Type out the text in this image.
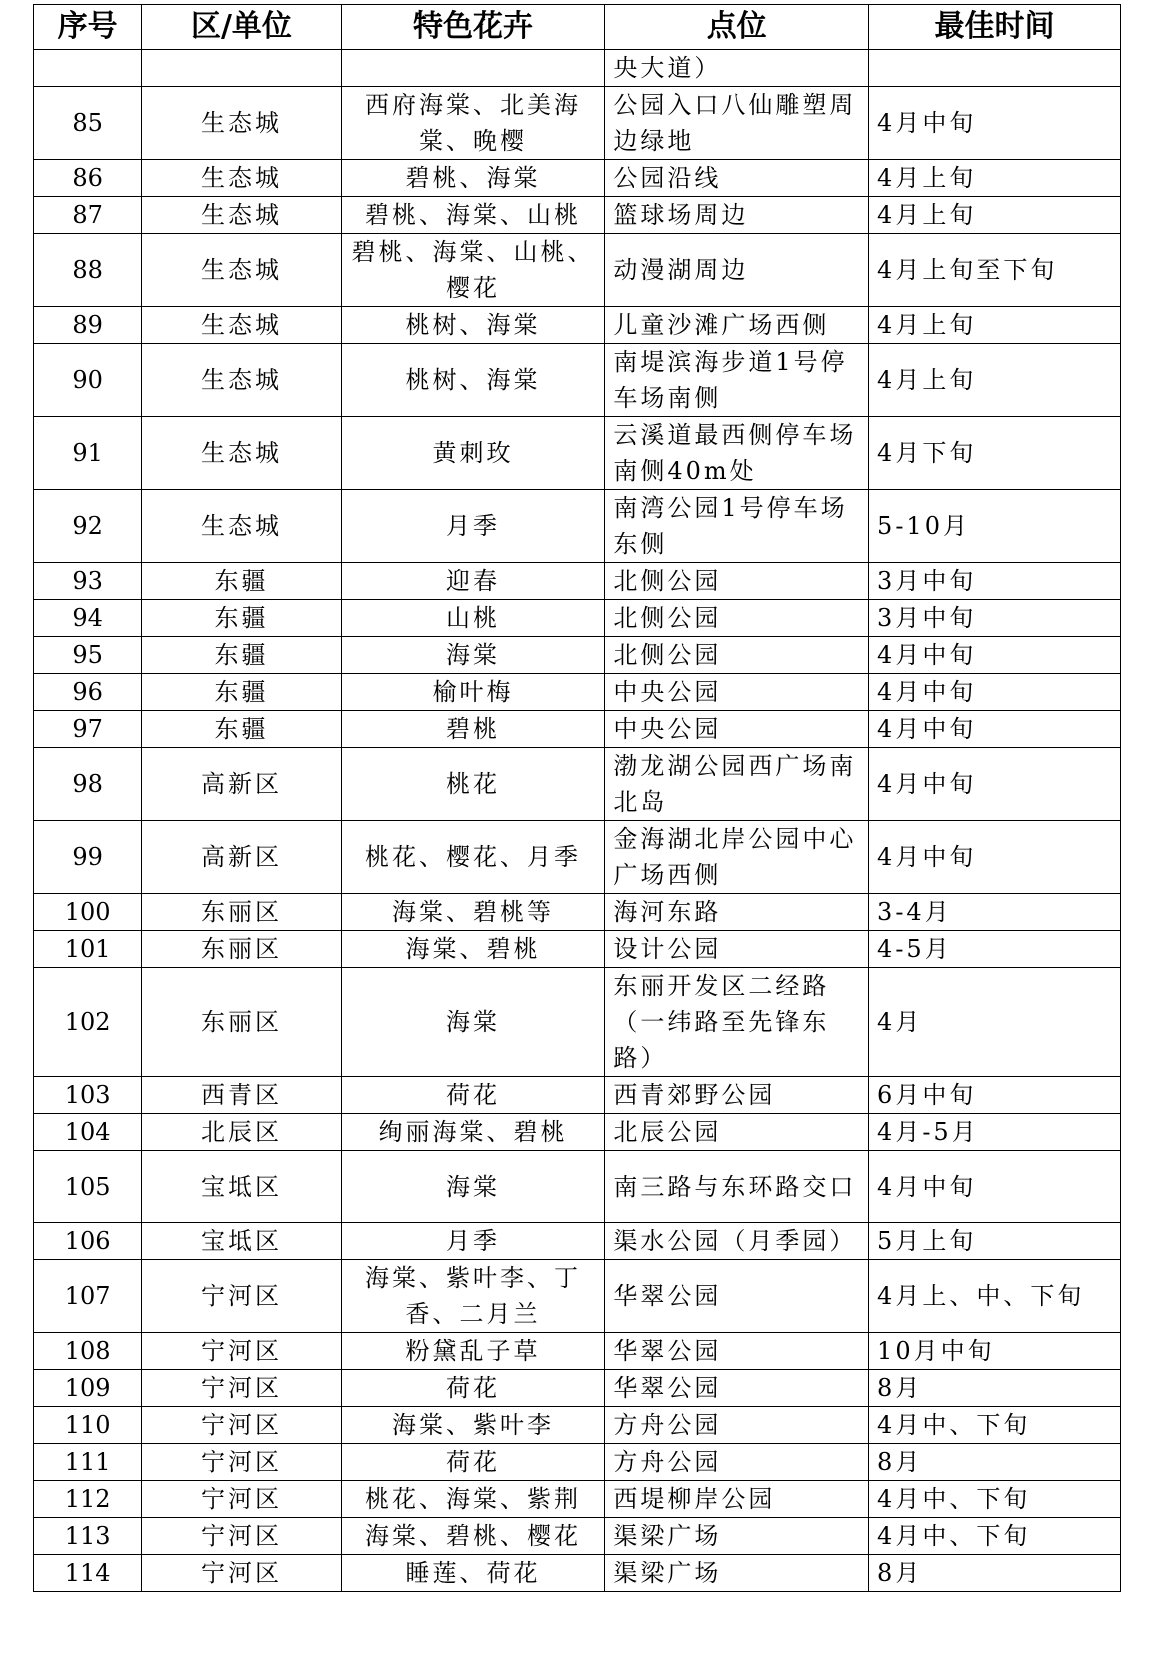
序号	区/单位	特色花卉	点位	最佳时间
			央大道）	
85	生态城	西府海棠、北美海棠、晚樱	公园入口八仙雕塑周边绿地	4月中旬
86	生态城	碧桃、海棠	公园沿线	4月上旬
87	生态城	碧桃、海棠、山桃	篮球场周边	4月上旬
88	生态城	碧桃、海棠、山桃、樱花	动漫湖周边	4月上旬至下旬
89	生态城	桃树、海棠	儿童沙滩广场西侧	4月上旬
90	生态城	桃树、海棠	南堤滨海步道1号停车场南侧	4月上旬
91	生态城	黄刺玫	云溪道最西侧停车场南侧40m处	4月下旬
92	生态城	月季	南湾公园1号停车场东侧	5-10月
93	东疆	迎春	北侧公园	3月中旬
94	东疆	山桃	北侧公园	3月中旬
95	东疆	海棠	北侧公园	4月中旬
96	东疆	榆叶梅	中央公园	4月中旬
97	东疆	碧桃	中央公园	4月中旬
98	高新区	桃花	渤龙湖公园西广场南北岛	4月中旬
99	高新区	桃花、樱花、月季	金海湖北岸公园中心广场西侧	4月中旬
100	东丽区	海棠、碧桃等	海河东路	3-4月
101	东丽区	海棠、碧桃	设计公园	4-5月
102	东丽区	海棠	东丽开发区二经路（一纬路至先锋东路）	4月
103	西青区	荷花	西青郊野公园	6月中旬
104	北辰区	绚丽海棠、碧桃	北辰公园	4月-5月
105	宝坻区	海棠	南三路与东环路交口	4月中旬
106	宝坻区	月季	渠水公园（月季园）	5月上旬
107	宁河区	海棠、紫叶李、丁香、二月兰	华翠公园	4月上、中、下旬
108	宁河区	粉黛乱子草	华翠公园	10月中旬
109	宁河区	荷花	华翠公园	8月
110	宁河区	海棠、紫叶李	方舟公园	4月中、下旬
111	宁河区	荷花	方舟公园	8月
112	宁河区	桃花、海棠、紫荆	西堤柳岸公园	4月中、下旬
113	宁河区	海棠、碧桃、樱花	渠梁广场	4月中、下旬
114	宁河区	睡莲、荷花	渠梁广场	8月
